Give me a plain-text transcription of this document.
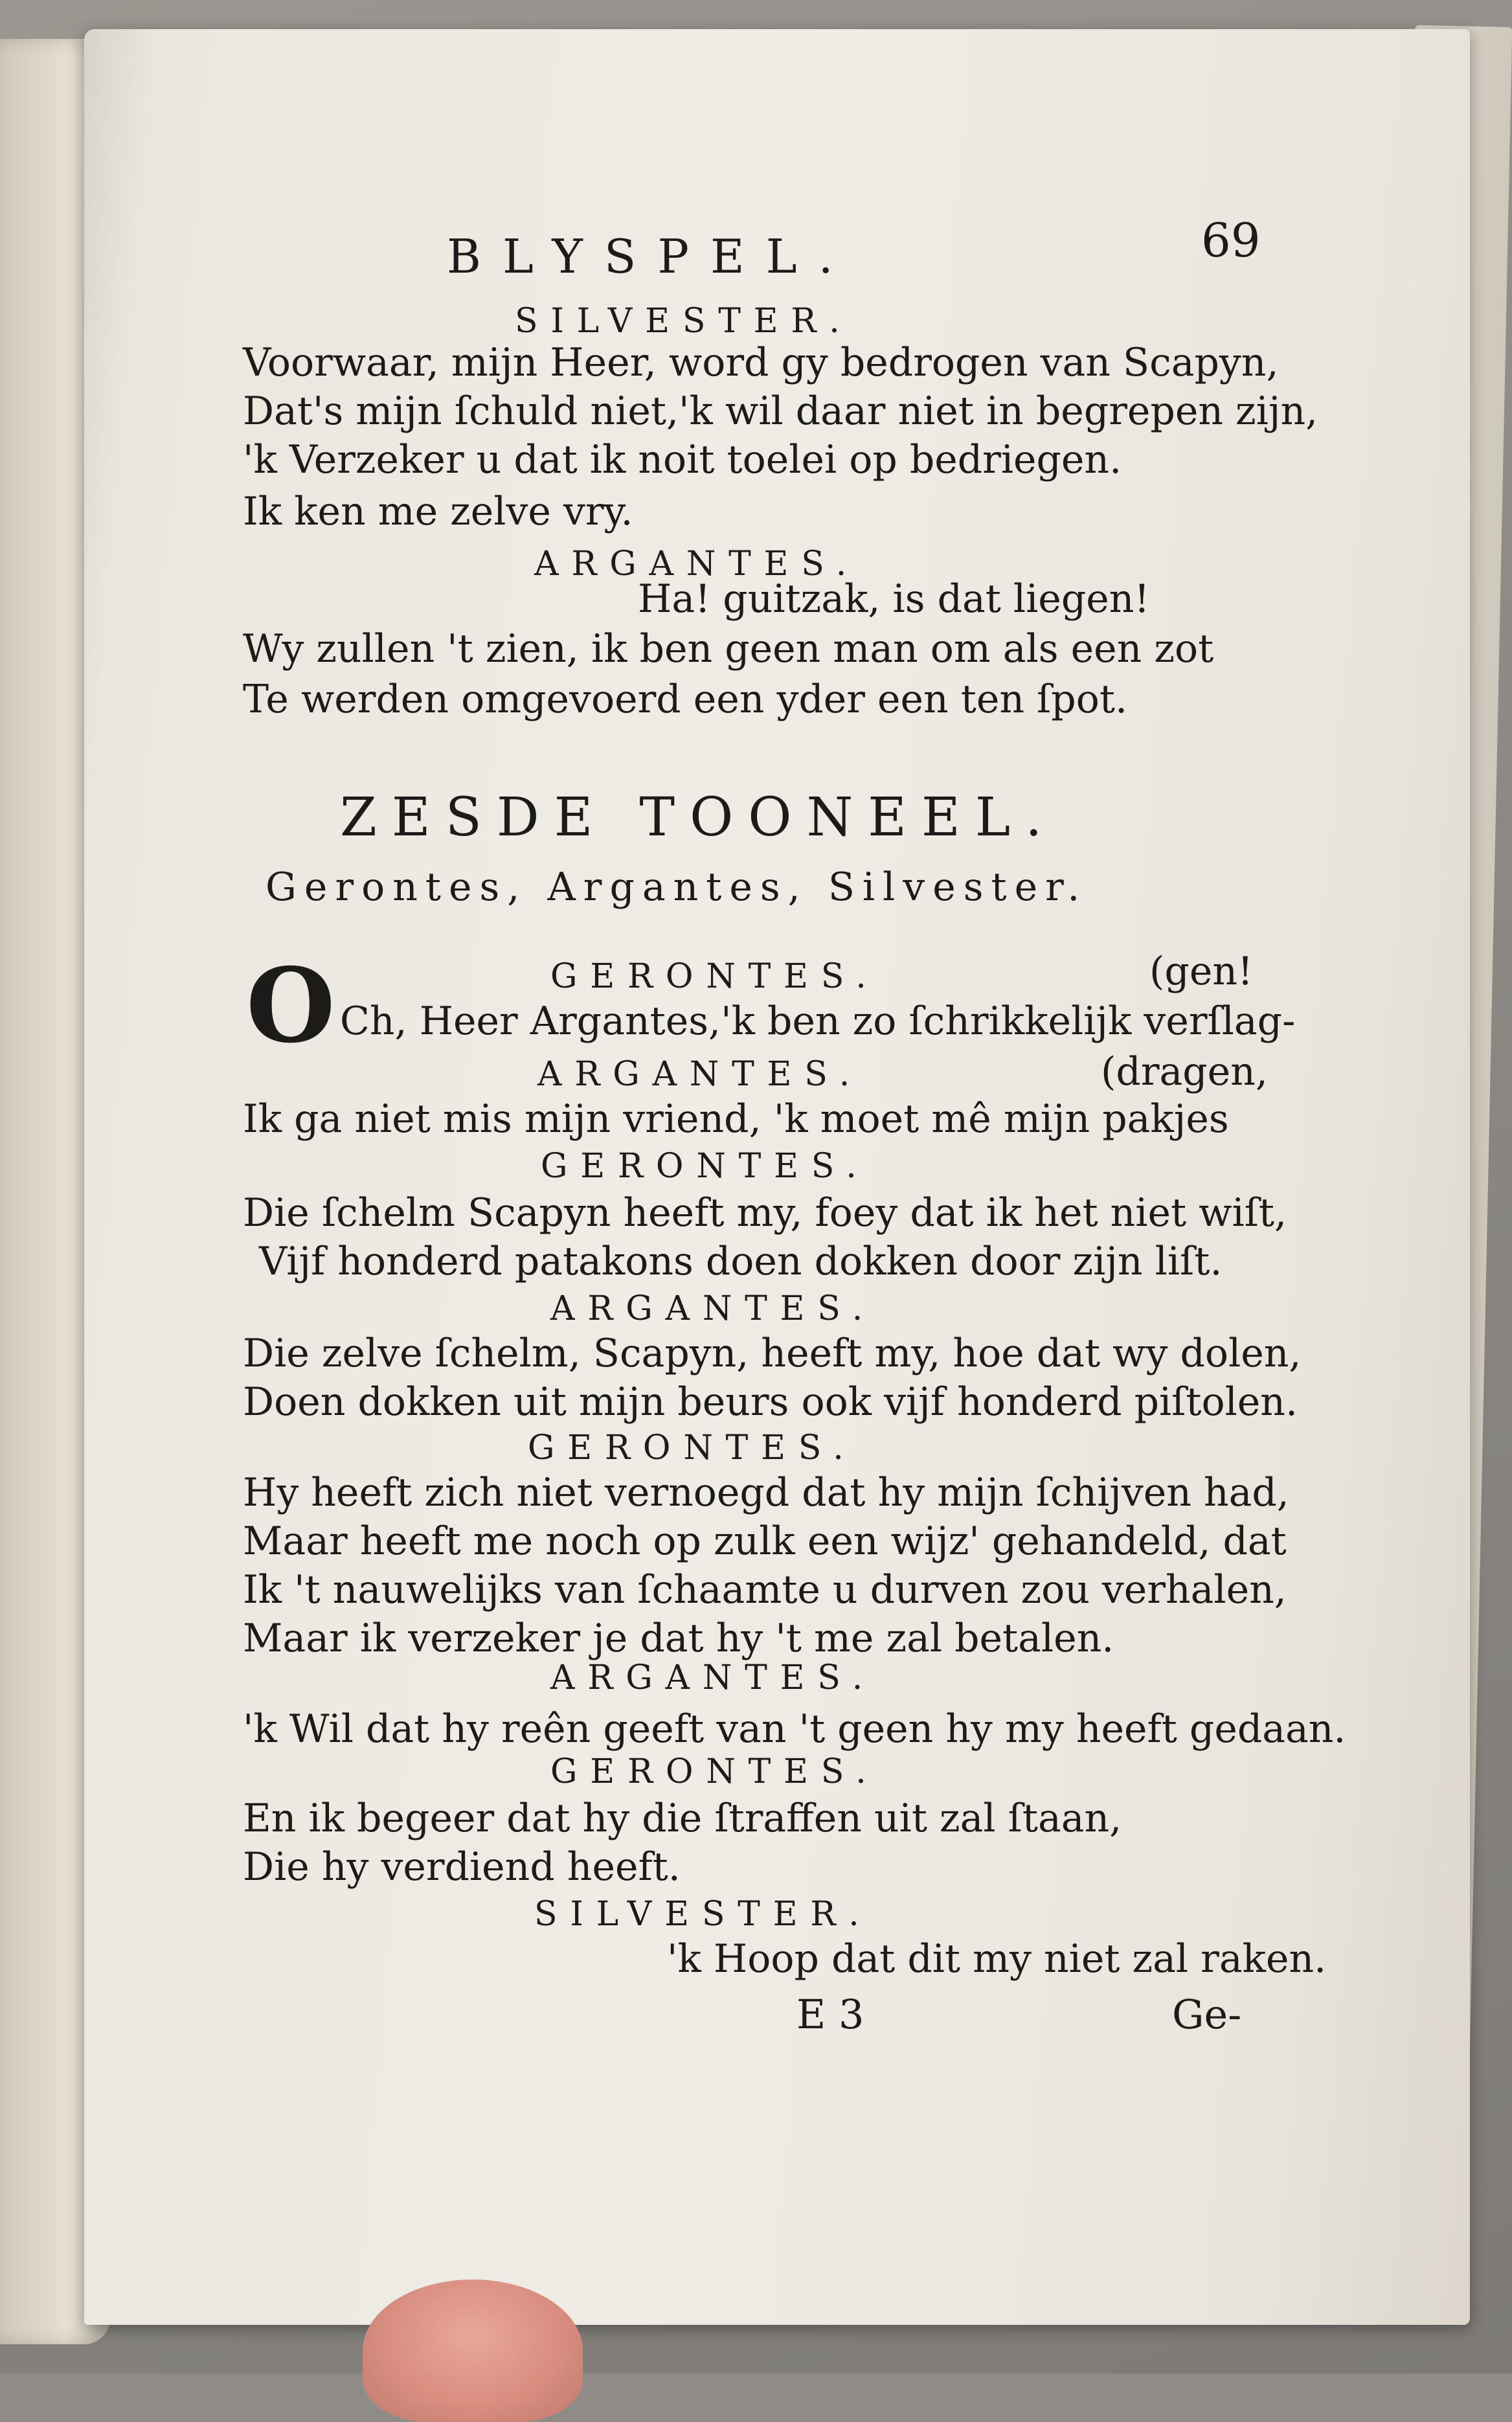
BLYSPEL.	69
SILVESTER.
Voorwaar, mijn Heer, word gy bedrogen van Scapyn,
Dat's mijn ſchuld niet,'k wil daar niet in begrepen zijn,
'k Verzeker u dat ik noit toelei op bedriegen.
Ik ken me zelve vry.
ARGANTES.
Ha! guitzak, is dat liegen!
Wy zullen 't zien, ik ben geen man om als een zot
Te werden omgevoerd een yder een ten ſpot.
ZESDE TOONEEL.
Gerontes, Argantes, Silvester.
O	GERONTES.	(gen!
Ch, Heer Argantes,'k ben zo ſchrikkelijk verſlag-
ARGANTES.	(dragen,
Ik ga niet mis mijn vriend, 'k moet mê mijn pakjes
GERONTES.
Die ſchelm Scapyn heeft my, foey dat ik het niet wiſt,
Vijf honderd patakons doen dokken door zijn liſt.
ARGANTES.
Die zelve ſchelm, Scapyn, heeft my, hoe dat wy dolen,
Doen dokken uit mijn beurs ook vijf honderd piſtolen.
GERONTES.
Hy heeft zich niet vernoegd dat hy mijn ſchijven had,
Maar heeft me noch op zulk een wijz' gehandeld, dat
Ik 't nauwelijks van ſchaamte u durven zou verhalen,
Maar ik verzeker je dat hy 't me zal betalen.
ARGANTES.
'k Wil dat hy reên geeft van 't geen hy my heeft gedaan.
GERONTES.
En ik begeer dat hy die ſtraffen uit zal ſtaan,
Die hy verdiend heeft.
SILVESTER.
'k Hoop dat dit my niet zal raken.
E 3	Ge-
